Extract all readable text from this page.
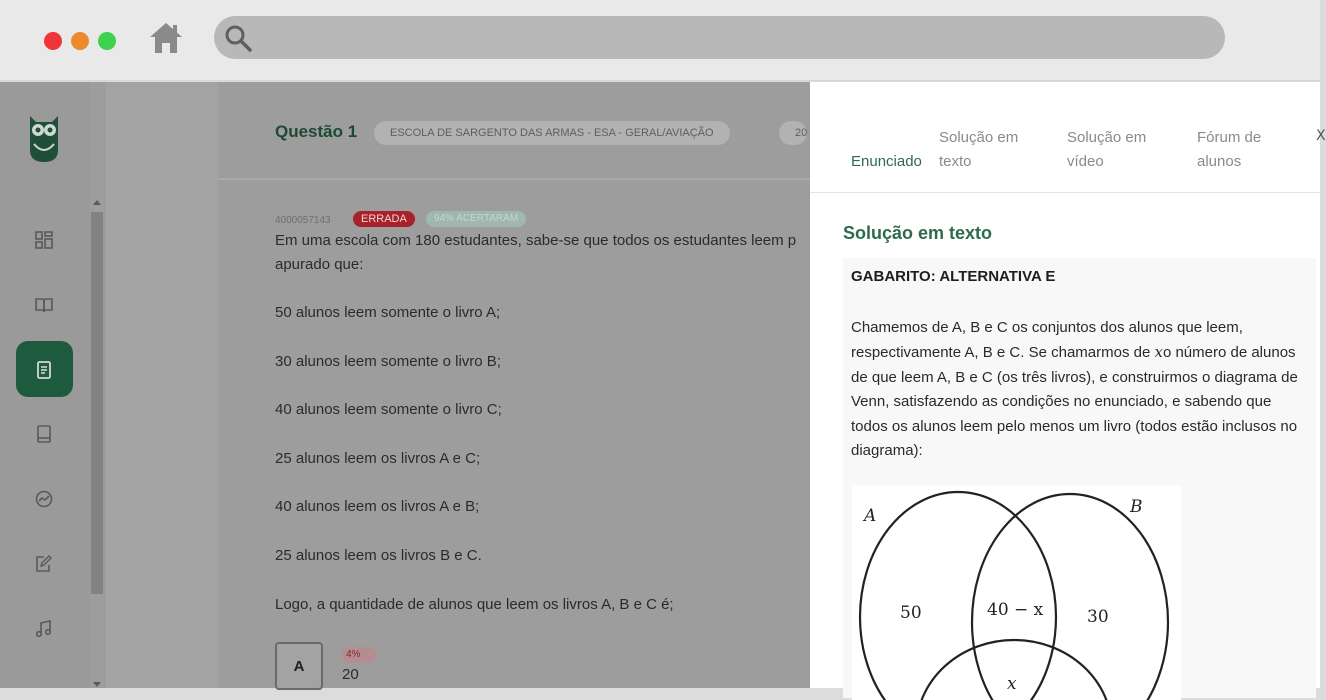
Questão 1	ESCOLA DE SARGENTO DAS ARMAS - ESA - GERAL/AVIAÇÃO	20
4000057143	ERRADA	94% ACERTARAM
Em uma escola com 180 estudantes, sabe-se que todos os estudantes leem p
apurado que:
50 alunos leem somente o livro A;
30 alunos leem somente o livro B;
40 alunos leem somente o livro C;
25 alunos leem os livros A e C;
40 alunos leem os livros A e B;
25 alunos leem os livros B e C.
Logo, a quantidade de alunos que leem os livros A, B e C é;
A
4%
20
Enunciado
Solução em texto
Solução em vídeo
Fórum de alunos
X
Solução em texto
GABARITO: ALTERNATIVA E
Chamemos de A, B e C os conjuntos dos alunos que leem, respectivamente A, B e C. Se chamarmos de xo número de alunos de que leem A, B e C (os três livros), e construirmos o diagrama de Venn, satisfazendo as condições no enunciado, e sabendo que todos os alunos leem pelo menos um livro (todos estão inclusos no diagrama):
A	B
50	40 − x	30
x
